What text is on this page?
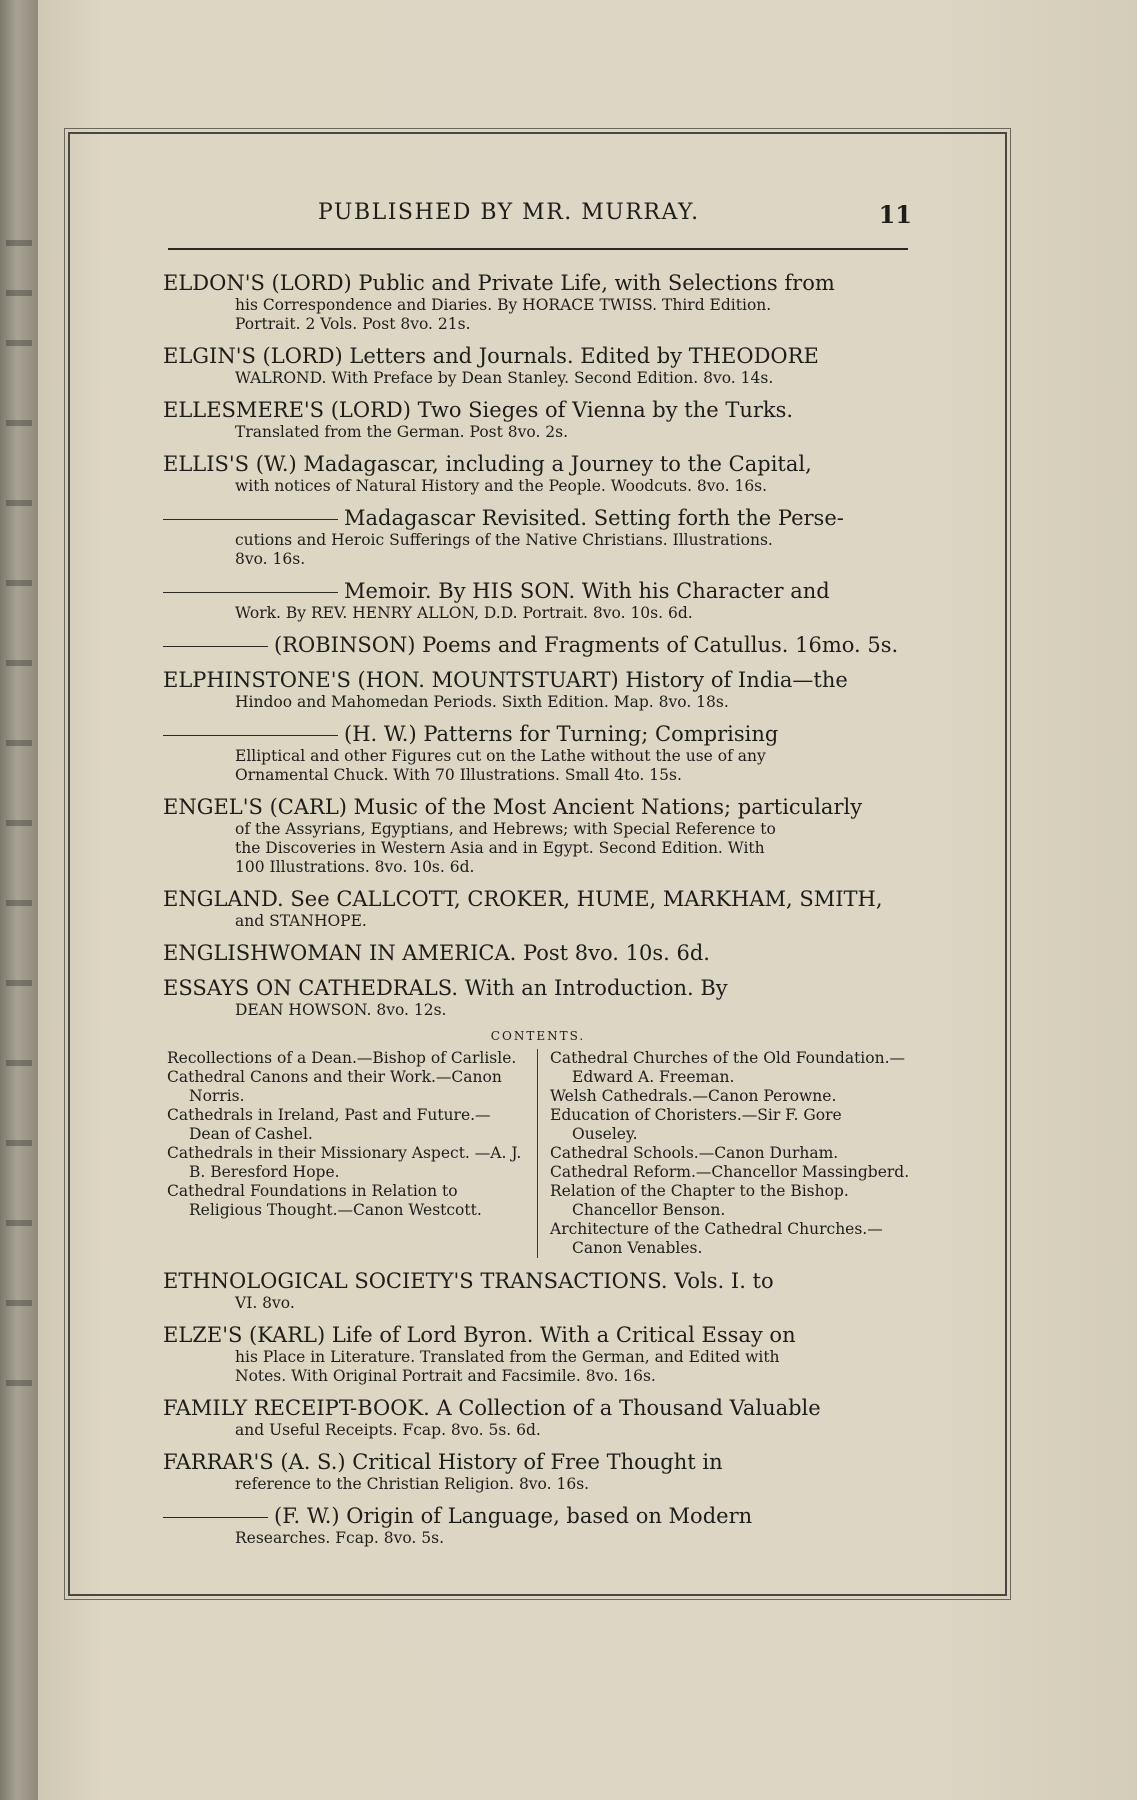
PUBLISHED BY MR. MURRAY.	11
ELDON'S (LORD) Public and Private Life, with Selections from
his Correspondence and Diaries. By HORACE TWISS. Third Edition.
Portrait. 2 Vols. Post 8vo. 21s.
ELGIN'S (LORD) Letters and Journals. Edited by THEODORE
WALROND. With Preface by Dean Stanley. Second Edition. 8vo. 14s.
ELLESMERE'S (LORD) Two Sieges of Vienna by the Turks.
Translated from the German. Post 8vo. 2s.
ELLIS'S (W.) Madagascar, including a Journey to the Capital,
with notices of Natural History and the People. Woodcuts. 8vo. 16s.
Madagascar Revisited. Setting forth the Perse-
cutions and Heroic Sufferings of the Native Christians. Illustrations.
8vo. 16s.
Memoir. By HIS SON. With his Character and
Work. By REV. HENRY ALLON, D.D. Portrait. 8vo. 10s. 6d.
(ROBINSON) Poems and Fragments of Catullus. 16mo. 5s.
ELPHINSTONE'S (HON. MOUNTSTUART) History of India—the
Hindoo and Mahomedan Periods. Sixth Edition. Map. 8vo. 18s.
(H. W.) Patterns for Turning; Comprising
Elliptical and other Figures cut on the Lathe without the use of any
Ornamental Chuck. With 70 Illustrations. Small 4to. 15s.
ENGEL'S (CARL) Music of the Most Ancient Nations; particularly
of the Assyrians, Egyptians, and Hebrews; with Special Reference to
the Discoveries in Western Asia and in Egypt. Second Edition. With
100 Illustrations. 8vo. 10s. 6d.
ENGLAND. See CALLCOTT, CROKER, HUME, MARKHAM, SMITH,
and STANHOPE.
ENGLISHWOMAN IN AMERICA. Post 8vo. 10s. 6d.
ESSAYS ON CATHEDRALS. With an Introduction. By
DEAN HOWSON. 8vo. 12s.
CONTENTS.

Recollections of a Dean.—Bishop of Carlisle.

Cathedral Canons and their Work.—Canon Norris.

Cathedrals in Ireland, Past and Future.—Dean of Cashel.

Cathedrals in their Missionary Aspect. —A. J. B. Beresford Hope.

Cathedral Foundations in Relation to Religious Thought.—Canon Westcott.

Cathedral Churches of the Old Foundation.—Edward A. Freeman.

Welsh Cathedrals.—Canon Perowne.

Education of Choristers.—Sir F. Gore Ouseley.

Cathedral Schools.—Canon Durham.

Cathedral Reform.—Chancellor Massingberd.

Relation of the Chapter to the Bishop. Chancellor Benson.

Architecture of the Cathedral Churches.—Canon Venables.

ETHNOLOGICAL SOCIETY'S TRANSACTIONS. Vols. I. to
VI. 8vo.
ELZE'S (KARL) Life of Lord Byron. With a Critical Essay on
his Place in Literature. Translated from the German, and Edited with
Notes. With Original Portrait and Facsimile. 8vo. 16s.
FAMILY RECEIPT-BOOK. A Collection of a Thousand Valuable
and Useful Receipts. Fcap. 8vo. 5s. 6d.
FARRAR'S (A. S.) Critical History of Free Thought in
reference to the Christian Religion. 8vo. 16s.
(F. W.) Origin of Language, based on Modern
Researches. Fcap. 8vo. 5s.
